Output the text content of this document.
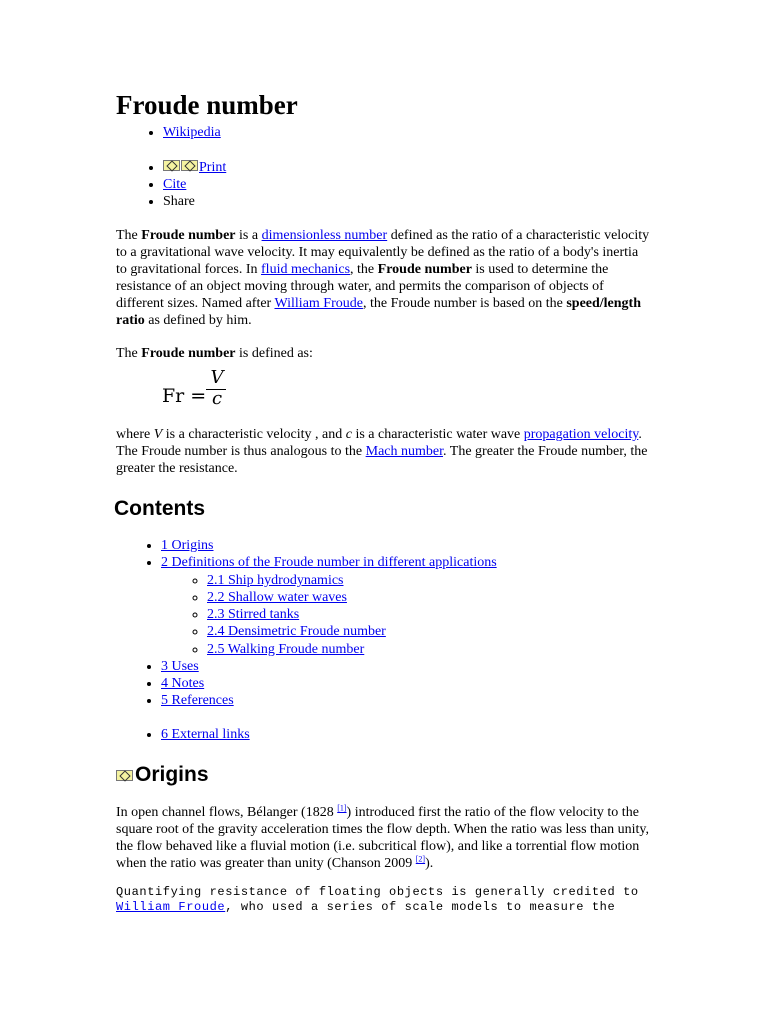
Froude number
• Wikipedia
• Print
• Cite
• Share

The Froude number is a dimensionless number defined as the ratio of a characteristic velocity to a gravitational wave velocity. It may equivalently be defined as the ratio of a body's inertia to gravitational forces. In fluid mechanics, the Froude number is used to determine the resistance of an object moving through water, and permits the comparison of objects of different sizes. Named after William Froude, the Froude number is based on the speed/length ratio as defined by him.

The Froude number is defined as:

Fr =
V
c

where V is a characteristic velocity , and c is a characteristic water wave propagation velocity. The Froude number is thus analogous to the Mach number. The greater the Froude number, the greater the resistance.

Contents
• 1 Origins
• 2 Definitions of the Froude number in different applications
◦ 2.1 Ship hydrodynamics
◦ 2.2 Shallow water waves
◦ 2.3 Stirred tanks
◦ 2.4 Densimetric Froude number
◦ 2.5 Walking Froude number
• 3 Uses
• 4 Notes
• 5 References
• 6 External links
Origins

In open channel flows, Bélanger (1828 [1]) introduced first the ratio of the flow velocity to the square root of the gravity acceleration times the flow depth. When the ratio was less than unity, the flow behaved like a fluvial motion (i.e. subcritical flow), and like a torrential flow motion when the ratio was greater than unity (Chanson 2009 [2]).

Quantifying resistance of floating objects is generally credited to William Froude, who used a series of scale models to measure the
